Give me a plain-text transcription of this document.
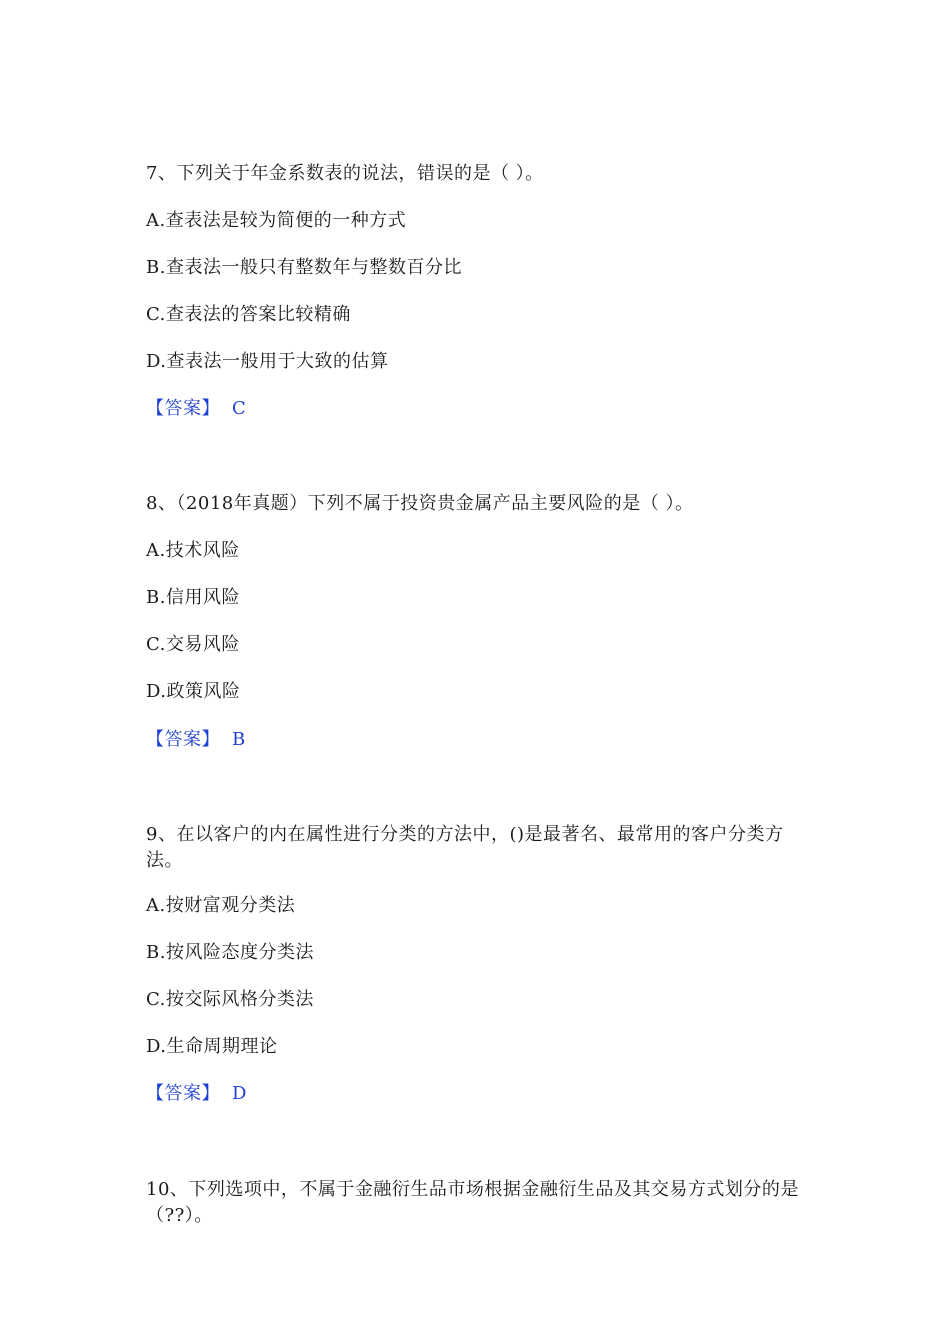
7、下列关于年金系数表的说法，错误的是（ ）。
A.查表法是较为简便的一种方式
B.查表法一般只有整数年与整数百分比
C.查表法的答案比较精确
D.查表法一般用于大致的估算
【答案】 C
8、（2018年真题）下列不属于投资贵金属产品主要风险的是（ ）。
A.技术风险
B.信用风险
C.交易风险
D.政策风险
【答案】 B
9、在以客户的内在属性进行分类的方法中，()是最著名、最常用的客户分类方法。
A.按财富观分类法
B.按风险态度分类法
C.按交际风格分类法
D.生命周期理论
【答案】 D
10、下列选项中，不属于金融衍生品市场根据金融衍生品及其交易方式划分的是（??）。
